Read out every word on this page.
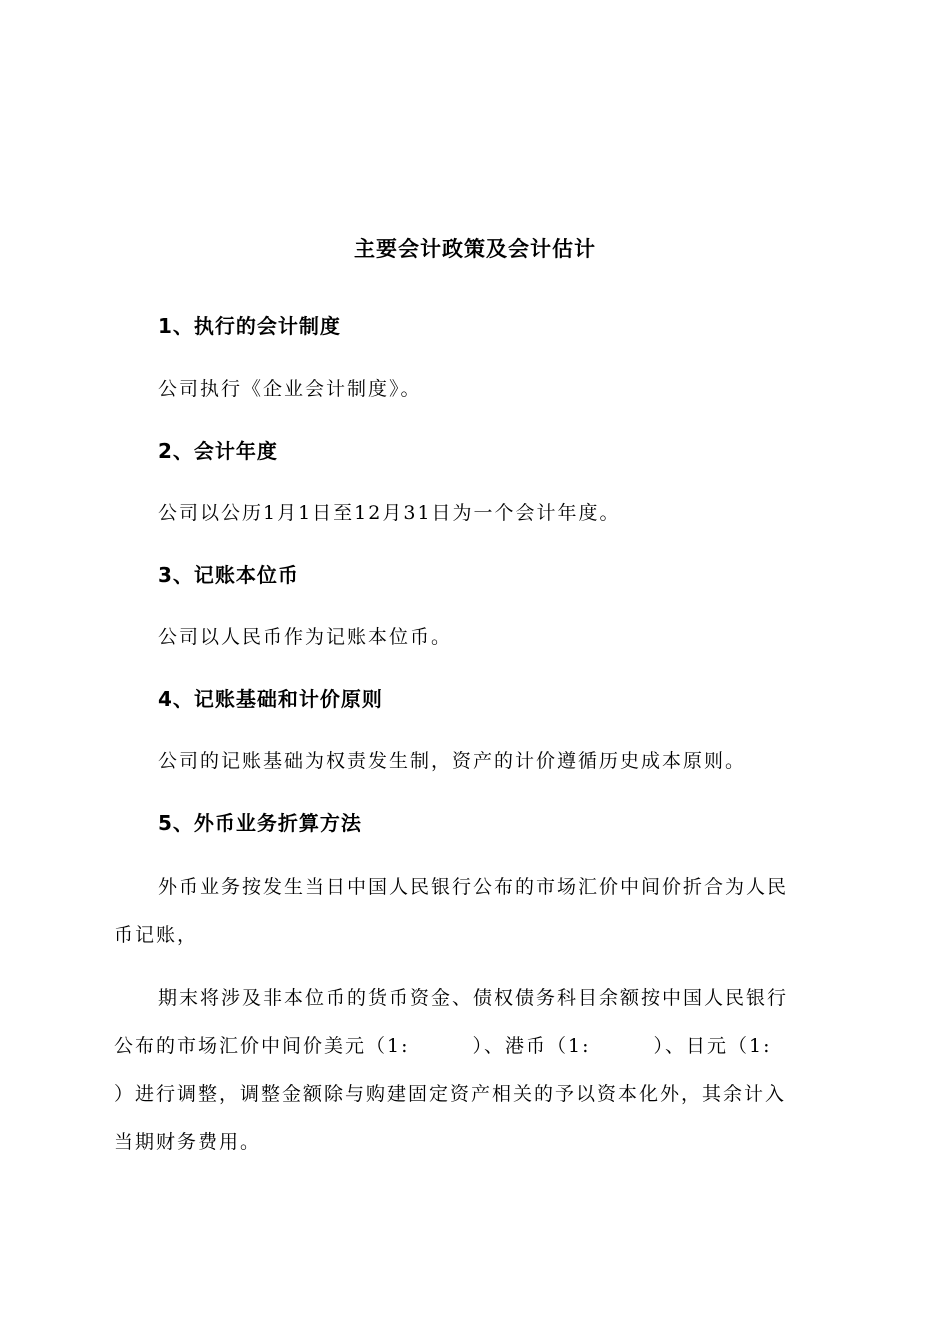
主要会计政策及会计估计
1、执行的会计制度
公司执行《企业会计制度》。
2、会计年度
公司以公历1月1日至12月31日为一个会计年度。
3、记账本位币
公司以人民币作为记账本位币。
4、记账基础和计价原则
公司的记账基础为权责发生制，资产的计价遵循历史成本原则。
5、外币业务折算方法
外币业务按发生当日中国人民银行公布的市场汇价中间价折合为人民
币记账，
期末将涉及非本位币的货币资金、债权债务科目余额按中国人民银行
公布的市场汇价中间价美元（1:　　　）、港币（1:　　　）、日元（1:
）进行调整，调整金额除与购建固定资产相关的予以资本化外，其余计入
当期财务费用。
